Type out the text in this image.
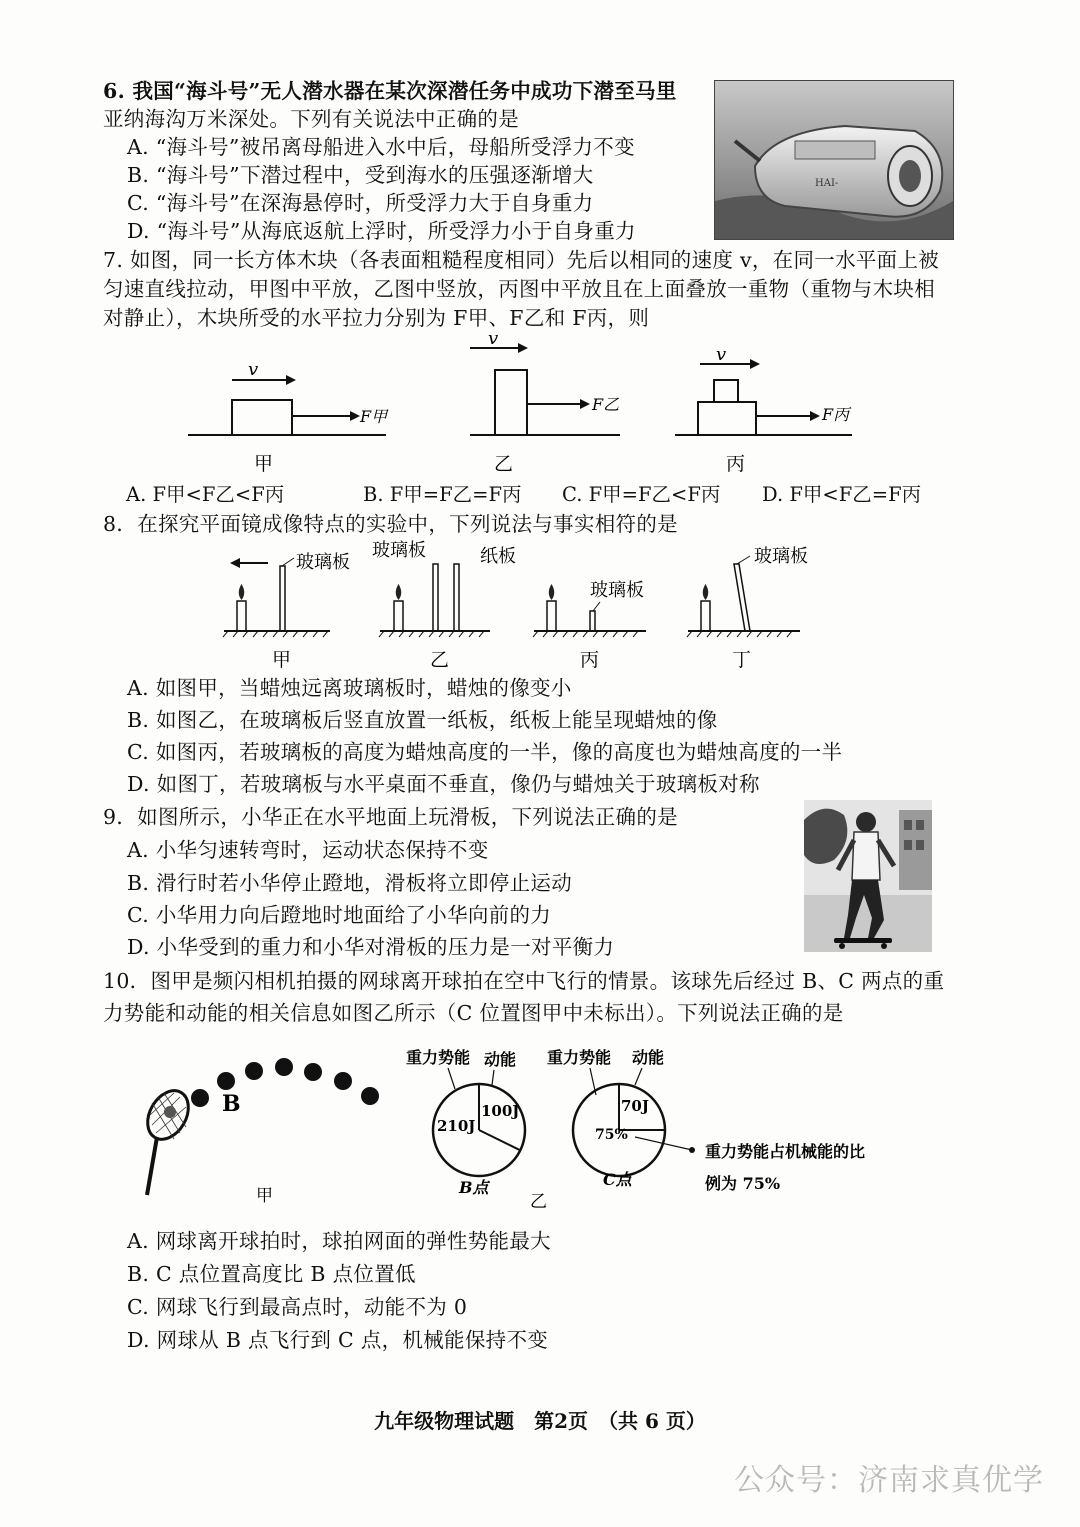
6. 我国“海斗号”无人潜水器在某次深潜任务中成功下潜至马里
亚纳海沟万米深处。下列有关说法中正确的是
A. “海斗号”被吊离母船进入水中后，母船所受浮力不变
B. “海斗号”下潜过程中，受到海水的压强逐渐增大
C. “海斗号”在深海悬停时，所受浮力大于自身重力
D. “海斗号”从海底返航上浮时，所受浮力小于自身重力
HAI-
7. 如图，同一长方体木块（各表面粗糙程度相同）先后以相同的速度 v，在同一水平面上被
匀速直线拉动，甲图中平放，乙图中竖放，丙图中平放且在上面叠放一重物（重物与木块相
对静止），木块所受的水平拉力分别为 F甲、F乙和 F丙，则
v
F甲
甲
v
F乙
乙
v
F丙
丙
A. F甲<F乙<F丙	B. F甲=F乙=F丙 C. F甲=F乙<F丙 D. F甲<F乙=F丙
8．在探究平面镜成像特点的实验中，下列说法与事实相符的是
玻璃板
甲
玻璃板	纸板
乙
玻璃板
丙
玻璃板
丁
A. 如图甲，当蜡烛远离玻璃板时，蜡烛的像变小
B. 如图乙，在玻璃板后竖直放置一纸板，纸板上能呈现蜡烛的像
C. 如图丙，若玻璃板的高度为蜡烛高度的一半，像的高度也为蜡烛高度的一半
D. 如图丁，若玻璃板与水平桌面不垂直，像仍与蜡烛关于玻璃板对称
9．如图所示，小华正在水平地面上玩滑板，下列说法正确的是
A. 小华匀速转弯时，运动状态保持不变
B. 滑行时若小华停止蹬地，滑板将立即停止运动
C. 小华用力向后蹬地时地面给了小华向前的力
D. 小华受到的重力和小华对滑板的压力是一对平衡力
10．图甲是频闪相机拍摄的网球离开球拍在空中飞行的情景。该球先后经过 B、C 两点的重
力势能和动能的相关信息如图乙所示（C 位置图甲中未标出）。下列说法正确的是
B
甲
重力势能 动能
210J
100J
B点
乙
重力势能 动能
70J
75%
C点
重力势能占机械能的比
例为 75%
A. 网球离开球拍时，球拍网面的弹性势能最大
B. C 点位置高度比 B 点位置低
C. 网球飞行到最高点时，动能不为 0
D. 网球从 B 点飞行到 C 点，机械能保持不变
九年级物理试题　第2页　（共 6 页）
公众号：济南求真优学
